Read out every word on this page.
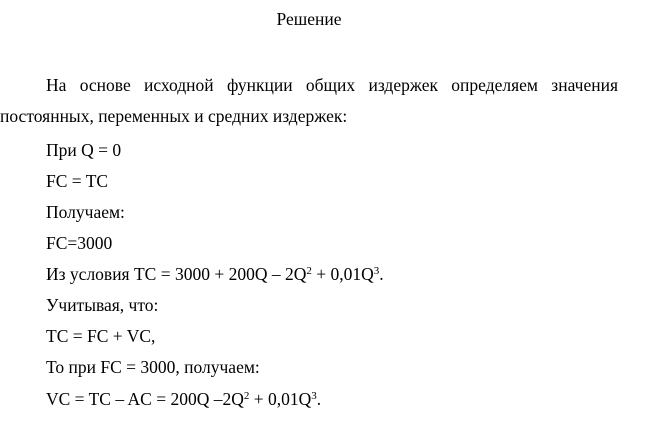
Решение
На основе исходной функции общих издержек определяем значения
постоянных, переменных и средних издержек:
При Q = 0
FC = TC
Получаем:
FC=3000
Из условия TC = $3000 + 200Q - 2Q^2 + 0,01Q^3$.
Учитывая, что:
TC = FC + VC,
То при FC = 3000, получаем:
VC = TC – AC = 200Q $-2Q^2 + 0,01Q^3$.
